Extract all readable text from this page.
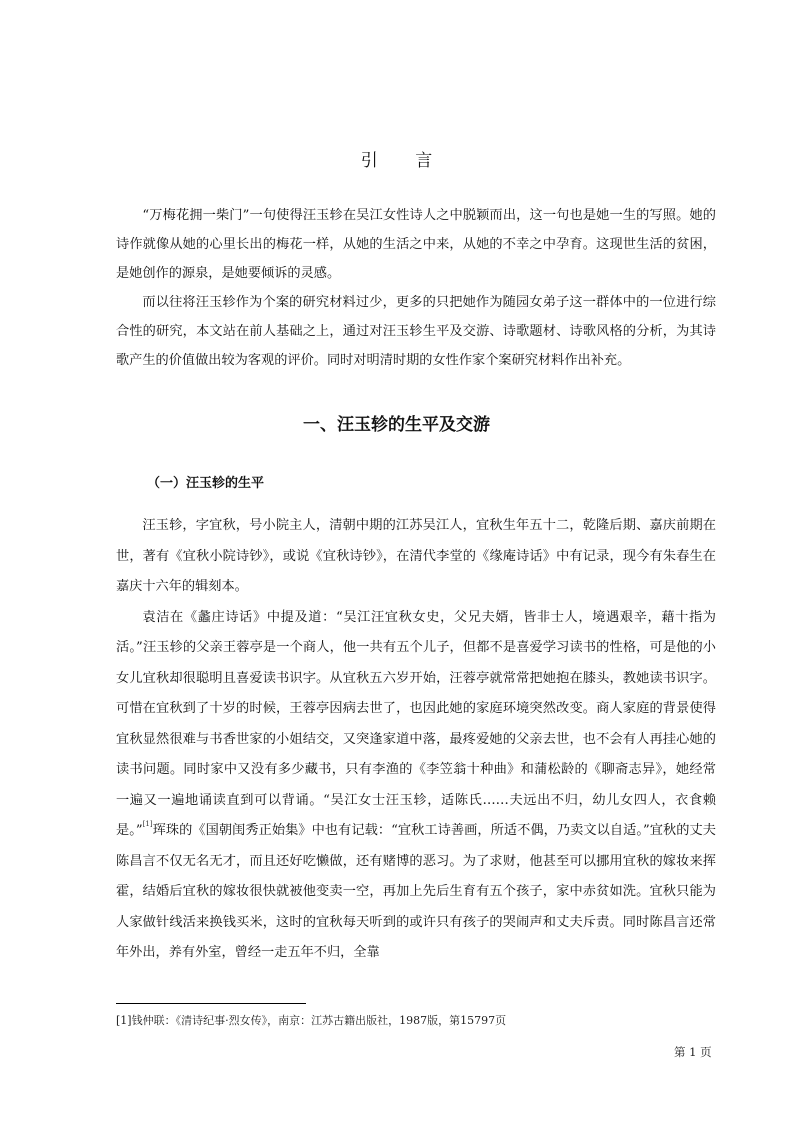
引 言

“万梅花拥一柴门”一句使得汪玉轸在吴江女性诗人之中脱颖而出，这一句也是她一生的写照。她的诗作就像从她的心里长出的梅花一样，从她的生活之中来，从她的不幸之中孕育。这现世生活的贫困，是她创作的源泉，是她要倾诉的灵感。

而以往将汪玉轸作为个案的研究材料过少，更多的只把她作为随园女弟子这一群体中的一位进行综合性的研究，本文站在前人基础之上，通过对汪玉轸生平及交游、诗歌题材、诗歌风格的分析，为其诗歌产生的价值做出较为客观的评价。同时对明清时期的女性作家个案研究材料作出补充。

一、汪玉轸的生平及交游
（一）汪玉轸的生平

汪玉轸，字宜秋，号小院主人，清朝中期的江苏吴江人，宜秋生年五十二，乾隆后期、嘉庆前期在世，著有《宜秋小院诗钞》，或说《宜秋诗钞》，在清代李堂的《缘庵诗话》中有记录，现今有朱春生在嘉庆十六年的辑刻本。

袁洁在《蠡庄诗话》中提及道：“吴江汪宜秋女史，父兄夫婿，皆非士人，境遇艰辛，藉十指为活。”汪玉轸的父亲王蓉亭是一个商人，他一共有五个儿子，但都不是喜爱学习读书的性格，可是他的小女儿宜秋却很聪明且喜爱读书识字。从宜秋五六岁开始，汪蓉亭就常常把她抱在膝头，教她读书识字。可惜在宜秋到了十岁的时候，王蓉亭因病去世了，也因此她的家庭环境突然改变。商人家庭的背景使得宜秋显然很难与书香世家的小姐结交，又突逢家道中落，最疼爱她的父亲去世，也不会有人再挂心她的读书问题。同时家中又没有多少藏书，只有李渔的《李笠翁十种曲》和蒲松龄的《聊斋志异》，她经常一遍又一遍地诵读直到可以背诵。“吴江女士汪玉轸，适陈氏……夫远出不归，幼儿女四人，衣食赖是。”[1]珲珠的《国朝闺秀正始集》中也有记载：“宜秋工诗善画，所适不偶，乃卖文以自适。”宜秋的丈夫陈昌言不仅无名无才，而且还好吃懒做，还有赌博的恶习。为了求财，他甚至可以挪用宜秋的嫁妆来挥霍，结婚后宜秋的嫁妆很快就被他变卖一空，再加上先后生育有五个孩子，家中赤贫如洗。宜秋只能为人家做针线活来换钱买米，这时的宜秋每天听到的或许只有孩子的哭闹声和丈夫斥责。同时陈昌言还常年外出，养有外室，曾经一走五年不归，全靠

[1]钱仲联：《清诗纪事·烈女传》，南京：江苏古籍出版社，1987版，第15797页
第 1 页
